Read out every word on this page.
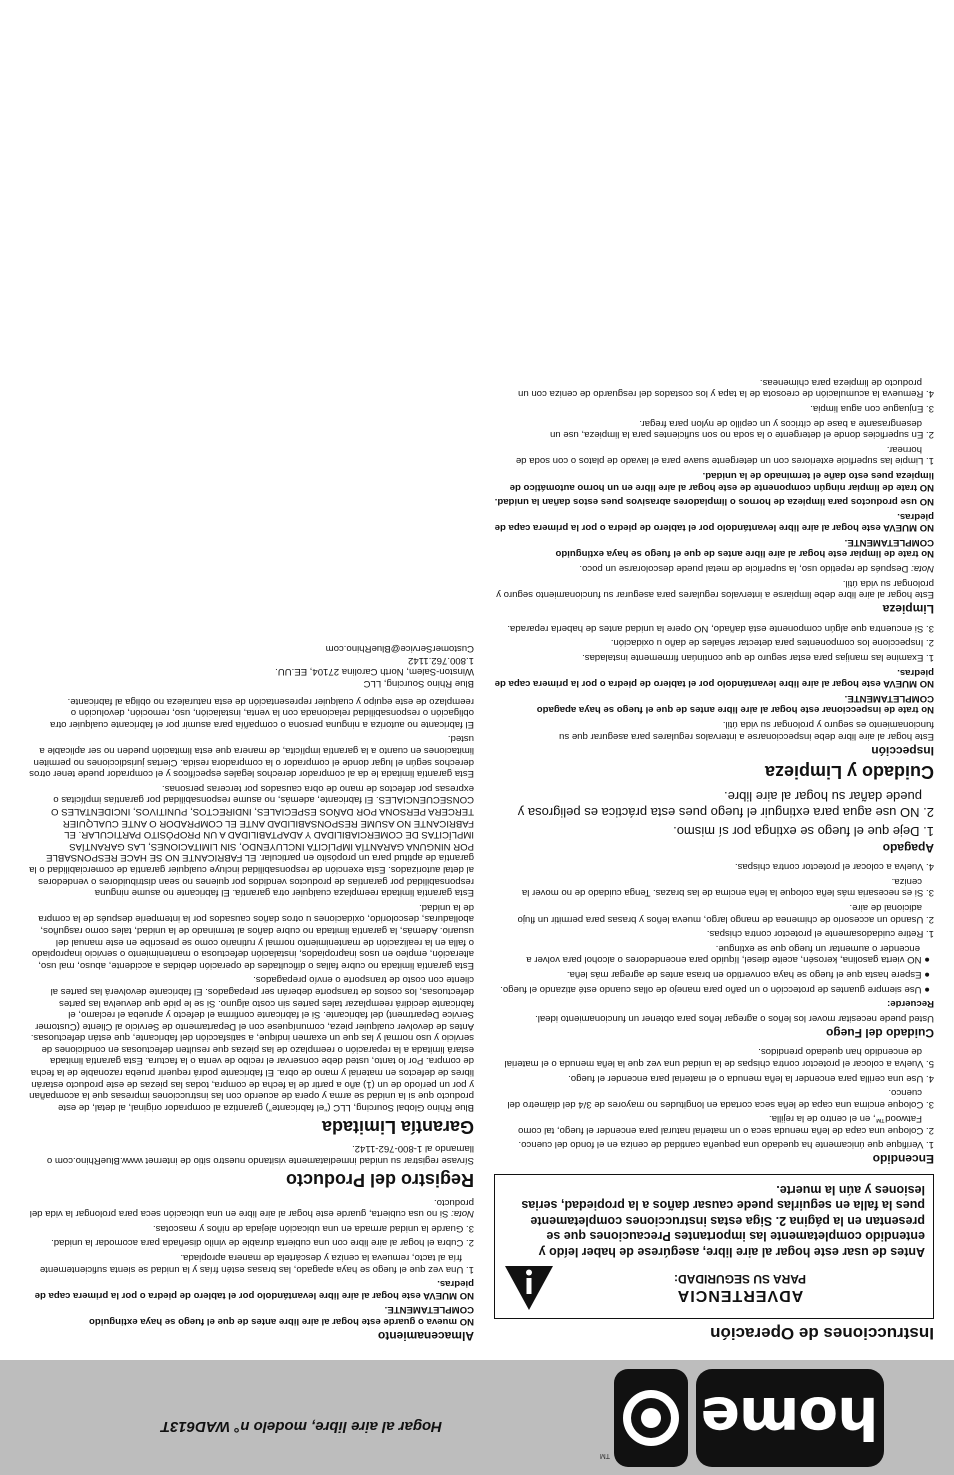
home
TM
Hogar al aire libre, modelo n° WAD613T
Instrucciones de Operación
ADVERTENCIA
PARA SU SEGURIDAD:
Antes de usar este hogar al aire libre, asegúrese de haber leído y entendido completamente las importantes Precauciones que se presentan en la página 2. Siga estas instrucciones completamente pues la falla en seguirlas puede causar daños a la propiedad, serias lesiones y aún la muerte.
Encendido

1. Verifique que únicamente ha quedado una pequeña cantidad de ceniza en el fondo del cuenco.

2. Coloque una capa de leña menuda seca o un material natural para encender el fuego, tal como Fatwood™, en el centro de la rejilla.

3. Coloque encima una capa de leña seca cortada en longitudes no mayores de 3/4 del diámetro del cuenco.

4. Use una cerilla para encender la leña menuda o el material para encender el fuego.

5. Vuelva a colocar el protector contra chispas de la unidad una vez que la leña menuda o el material de encendido han quedado prendidos.

Cuidado del Fuego

Usted puede necesitar mover los leños o agregar leños para obtener un funcionamiento ideal.

Recuerde:

● Use siempre guantes de protección o un paño para manejo de ollas cuando esté atizando el fuego.

● Espere hasta que el fuego se haya convertido en brasa antes de agregar más leña.

● NO vierta gasolina, kerosén, aceite diesel, líquido para encendedores o alcohol para volver a encender o aumentar un fuego que se extingue.

1. Retire cuidadosamente el protector contra chispas.

2. Usando un accesorio de chimenea de mango largo, mueva leños y brasas para permitir un flujo adicional de aire.

3. Si es necesaria más leña coloque la leña encima de las brazas. Tenga cuidado de no mover la ceniza.

4. Vuelva a colocar el protector contra chispas.

Apagado

1. Deje que el fuego se extinga por sí mismo.

2. NO use agua para extinguir el fuego pues esta práctica es peligrosa y puede dañar su hogar al aire libre.

Cuidado y Limpieza
Inspección

Este hogar al aire libre debe inspeccionarse a intervalos regulares para asegurar que su funcionamiento es seguro y prolongar su vida útil.

No trate de inspeccionar este hogar al aire libre antes de que el fuego se haya apagado COMPLETAMENTE.

NO MUEVA este hogar al aire libre levantándolo por el tablero de piedra o por la primera capa de piedras.

1. Examine las manijas para estar seguro de que continúan firmemente instaladas.

2. Inspeccione los componentes para detectar señales de daño u oxidación.

3. Si encuentra que algún componente está dañado, NO opere la unidad antes de haberla reparada.

Limpieza

Este hogar al aire libre debe limpiarse a intervalos regulares para asegurar su funcionamiento seguro y prolongar su vida útil.

Nota: Después de repetido uso, la superficie de metal puede descolorarse un poco.

No trate de limpiar este hogar al aire libre antes de que el fuego se haya extinguido COMPLETAMENTE.

NO MUEVA este hogar al aire libre levantándolo por el tablero de piedra o por la primera capa de piedras.

NO use productos para limpieza de hornos o limpiadores abrasivos pues estos dañan la unidad.

NO trate de limpiar ningún componente de este hogar al aire libre en un horno automático de limpieza pues esto dañe el terminado de la unidad.

1. Limpie las superficie exteriores con un detergente suave para el lavado de platos o con soda de hornear.

2. En superficies donde el detergente o la soda no son suficientes para la limpieza, use un desengrasante a base de cítricos y un cepillo de nylon para fregar.

3. Enjuague con agua limpia.

4. Remueva la acumulación de creosota de la tapa y los costados del resguardo de ceniza con un producto de limpieza para chimeneas.

Almacenamiento

NO mueva o guarde este hogar al aire libre antes de que el fuego se haya extinguido COMPLETAMENTE.

NO MUEVA este hogar al aire libre levantándolo por el tablero de piedra o por la primera capa de piedras.

1. Una vez que el fuego se haya apagado, las brasas estén frías y la unidad se sienta suficientemente fría al tacto, remueva la ceniza y descártela de manera apropiada.

2. Cubra el hogar al aire libre con una cubierta durable de vinilo diseñada para acomodar la unidad.

3. Guarde la unidad armada en una ubicación alejada de niños y mascotas.

Nota: Si no usa cubierta, guarde este hogar al aire libre en una ubicación seca para prolongar la vida del producto.

Registro del Producto

Sírvase registrar su unidad inmediatamente visitando nuestro sitio de internet www.BlueRhino.com o llamando al 1-800-762-1142.

Garantía Limitada

Blue Rhino Global Sourcing, LLC (“el fabricante”) garantiza al comprador original, al detal, de este producto que si la unidad se arma y opera de acuerdo con las instrucciones impresas que la acompañan y por un período de un (1) año a partir de la fecha de compra, todas las piezas de este producto estarán libres de defectos en material y mano de obra. El fabricante podrá requerir prueba razonable de la fecha de compra. Por lo tanto, usted debe conservar el recibo de venta o la factura. Esta garantía limitada estará limitada a la reparación o reemplazo de las piezas que resulten defectuosas en condiciones de servicio y uso normal y las que un examen indique, a satisfacción del fabricante, que están defectuosas. Antes de devolver cualquier pieza, comuníquese con el Departamento de Servicio al Cliente (Customer Service Department) del fabricante. Si el fabricante confirma el defecto y aprueba el reclamo, el fabricante decidirá reemplazar tales partes sin costo alguno. Si se le pide que devuelva las partes defectuosas, los costos de transporte deberán ser prepagados. El fabricante devolverá las partes al cliente con costo de transporte o envío prepagados.

Esta garantía limitada no cubre fallas o dificultades de operación debidas a accidente, abuso, mal uso, alteración, empleo en usos inapropiados, instalación defectuosa o mantenimiento o servicio inapropiado o falla en la realización de mantenimiento normal y rutinario como se prescribe en este manual del usuario. Además, la garantía limitada no cubre daños al terminado de la unidad, tales como rasguños, abolladuras, descolorido, oxidaciones u otros daños causados por la intemperie después de la compra de la unidad.

Esta garantía limitada reemplaza cualquier otra garantía. El fabricante no asume ninguna responsabilidad por garantías de productos vendidos por quienes no sean distribuidores o vendedores al detal autorizados. Esta exención de responsabilidad incluye cualquier garantía de comerciabilidad o la garantía de aptitud para un propósito en particular. EL FABRICANTE NO SE HACE RESPONSABLE POR NINGUNA GARANTÍA IMPLÍCITA INCLUYENDO, SIN LIMITACIONES, LAS GARANTÍAS IMPLÍCITAS DE COMERCIABILIDAD Y ADAPTABILIDAD A UN PROPÓSITO PARTICULAR. EL FABRICANTE NO ASUME RESPONSABILIDAD ANTE EL COMPRADOR O ANTE CUALQUIER TERCERA PERSONA POR DAÑOS ESPECIALES, INDIRECTOS, PUNITIVOS, INCIDENTALES O CONSECUENCIALES. El fabricante, además, no asume responsabilidad por garantías implícitas o expresas por defectos de mano de obra causados por terceras personas.

Esta garantía limitada le da al comprador derechos legales específicos y el comprador puede tener otros derechos según el lugar donde el comprador o la compradora resida. Ciertas jurisdicciones no permiten limitaciones en cuanto a la garantía implícita, de manera que esta limitación pueden no ser aplicable a usted.

El fabricante no autoriza a ninguna persona o compañía para asumir por el fabricante cualquier otra obligación o responsabilidad relacionada con la venta, instalación, uso, remoción, devolución o reemplazo de este equipo y cualquier representación de esta naturaleza no obliga al fabricante.

Blue Rhino Sourcing, LLC
Winston-Salem, North Carolina 27104, EE.UU.
1.800.762.1142
CustomerService@BlueRhino.com
